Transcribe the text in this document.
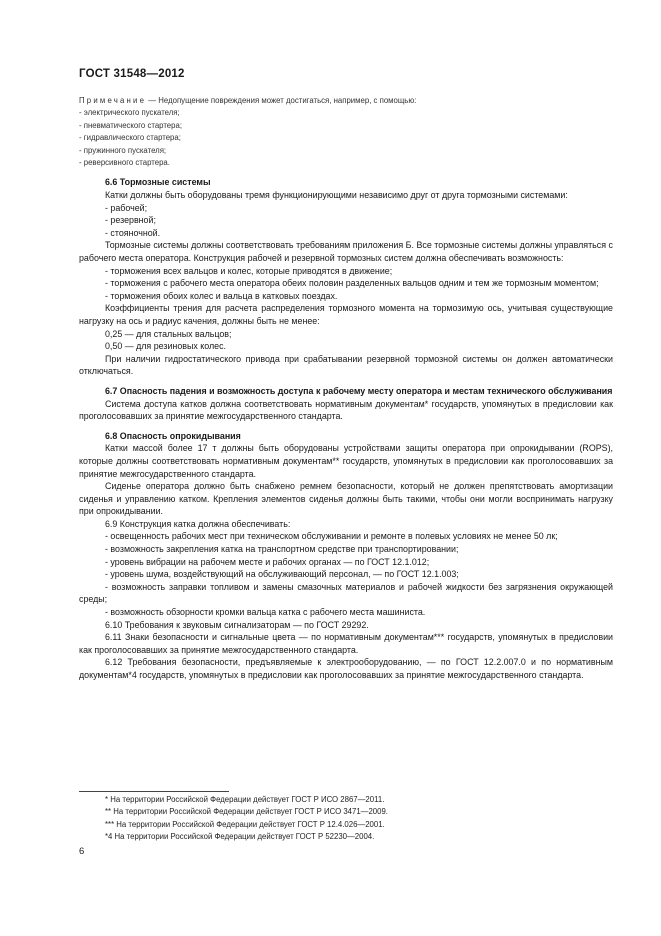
ГОСТ 31548—2012
Примечание — Недопущение повреждения может достигаться, например, с помощью:
- электрического пускателя;
- пневматического стартера;
- гидравлического стартера;
- пружинного пускателя;
- реверсивного стартера.
6.6 Тормозные системы

Катки должны быть оборудованы тремя функционирующими независимо друг от друга тормозными системами:

- рабочей;
- резервной;
- стояночной.

Тормозные системы должны соответствовать требованиям приложения Б. Все тормозные системы должны управляться с рабочего места оператора. Конструкция рабочей и резервной тормозных систем должна обеспечивать возможность:

- торможения всех вальцов и колес, которые приводятся в движение;
- торможения с рабочего места оператора обеих половин разделенных вальцов одним и тем же тормозным моментом;
- торможения обоих колес и вальца в катковых поездах.

Коэффициенты трения для расчета распределения тормозного момента на тормозимую ось, учитывая существующие нагрузку на ось и радиус качения, должны быть не менее:

0,25 — для стальных вальцов;
0,50 — для резиновых колес.

При наличии гидростатического привода при срабатывании резервной тормозной системы он должен автоматически отключаться.

6.7 Опасность падения и возможность доступа к рабочему месту оператора и местам технического обслуживания

Система доступа катков должна соответствовать нормативным документам* государств, упомянутых в предисловии как проголосовавших за принятие межгосударственного стандарта.

6.8 Опасность опрокидывания

Катки массой более 17 т должны быть оборудованы устройствами защиты оператора при опрокидывании (ROPS), которые должны соответствовать нормативным документам** государств, упомянутых в предисловии как проголосовавших за принятие межгосударственного стандарта.

Сиденье оператора должно быть снабжено ремнем безопасности, который не должен препятствовать амортизации сиденья и управлению катком. Крепления элементов сиденья должны быть такими, чтобы они могли воспринимать нагрузку при опрокидывании.

6.9 Конструкция катка должна обеспечивать:

- освещенность рабочих мест при техническом обслуживании и ремонте в полевых условиях не менее 50 лк;
- возможность закрепления катка на транспортном средстве при транспортировании;
- уровень вибрации на рабочем месте и рабочих органах — по ГОСТ 12.1.012;
- уровень шума, воздействующий на обслуживающий персонал, — по ГОСТ 12.1.003;
- возможность заправки топливом и замены смазочных материалов и рабочей жидкости без загрязнения окружающей среды;
- возможность обзорности кромки вальца катка с рабочего места машиниста.

6.10 Требования к звуковым сигнализаторам — по ГОСТ 29292.

6.11 Знаки безопасности и сигнальные цвета — по нормативным документам*** государств, упомянутых в предисловии как проголосовавших за принятие межгосударственного стандарта.

6.12 Требования безопасности, предъявляемые к электрооборудованию, — по ГОСТ 12.2.007.0 и по нормативным документам*4 государств, упомянутых в предисловии как проголосовавших за принятие межгосударственного стандарта.

* На территории Российской Федерации действует ГОСТ Р ИСО 2867—2011.
** На территории Российской Федерации действует ГОСТ Р ИСО 3471—2009.
*** На территории Российской Федерации действует ГОСТ Р 12.4.026—2001.
*4 На территории Российской Федерации действует ГОСТ Р 52230—2004.
6
